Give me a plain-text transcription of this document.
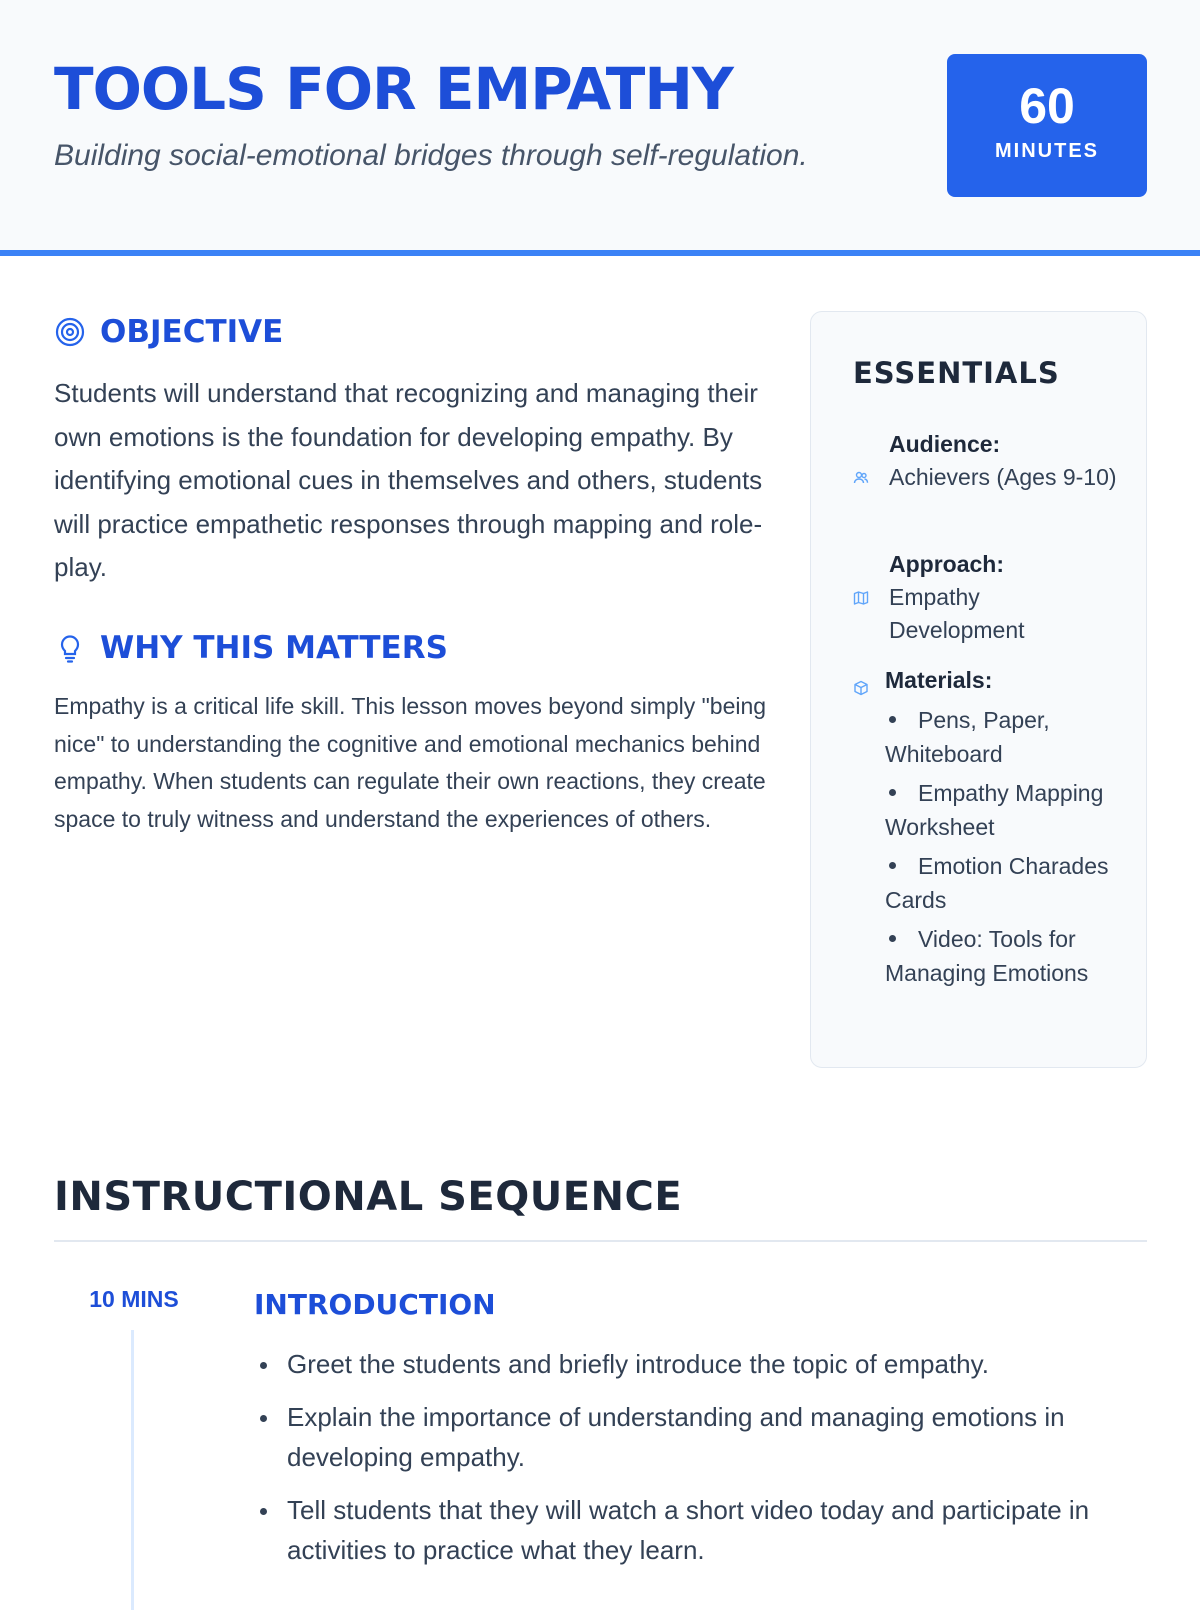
TOOLS FOR EMPATHY

Building social-emotional bridges through self-regulation.

60
MINUTES
OBJECTIVE

Students will understand that recognizing and managing their own emotions is the foundation for developing empathy. By identifying emotional cues in themselves and others, students will practice empathetic responses through mapping and role-play.

WHY THIS MATTERS

Empathy is a critical life skill. This lesson moves beyond simply "being nice" to understanding the cognitive and emotional mechanics behind empathy. When students can regulate their own reactions, they create space to truly witness and understand the experiences of others.

ESSENTIALS
Audience:
Achievers (Ages 9-10)
Approach:
Empathy Development
Materials:
Pens, Paper, Whiteboard
Empathy Mapping Worksheet
Emotion Charades Cards
Video: Tools for Managing Emotions
INSTRUCTIONAL SEQUENCE
10 MINS	INTRODUCTION
Greet the students and briefly introduce the topic of empathy.
Explain the importance of understanding and managing emotions in developing empathy.
Tell students that they will watch a short video today and participate in activities to practice what they learn.
